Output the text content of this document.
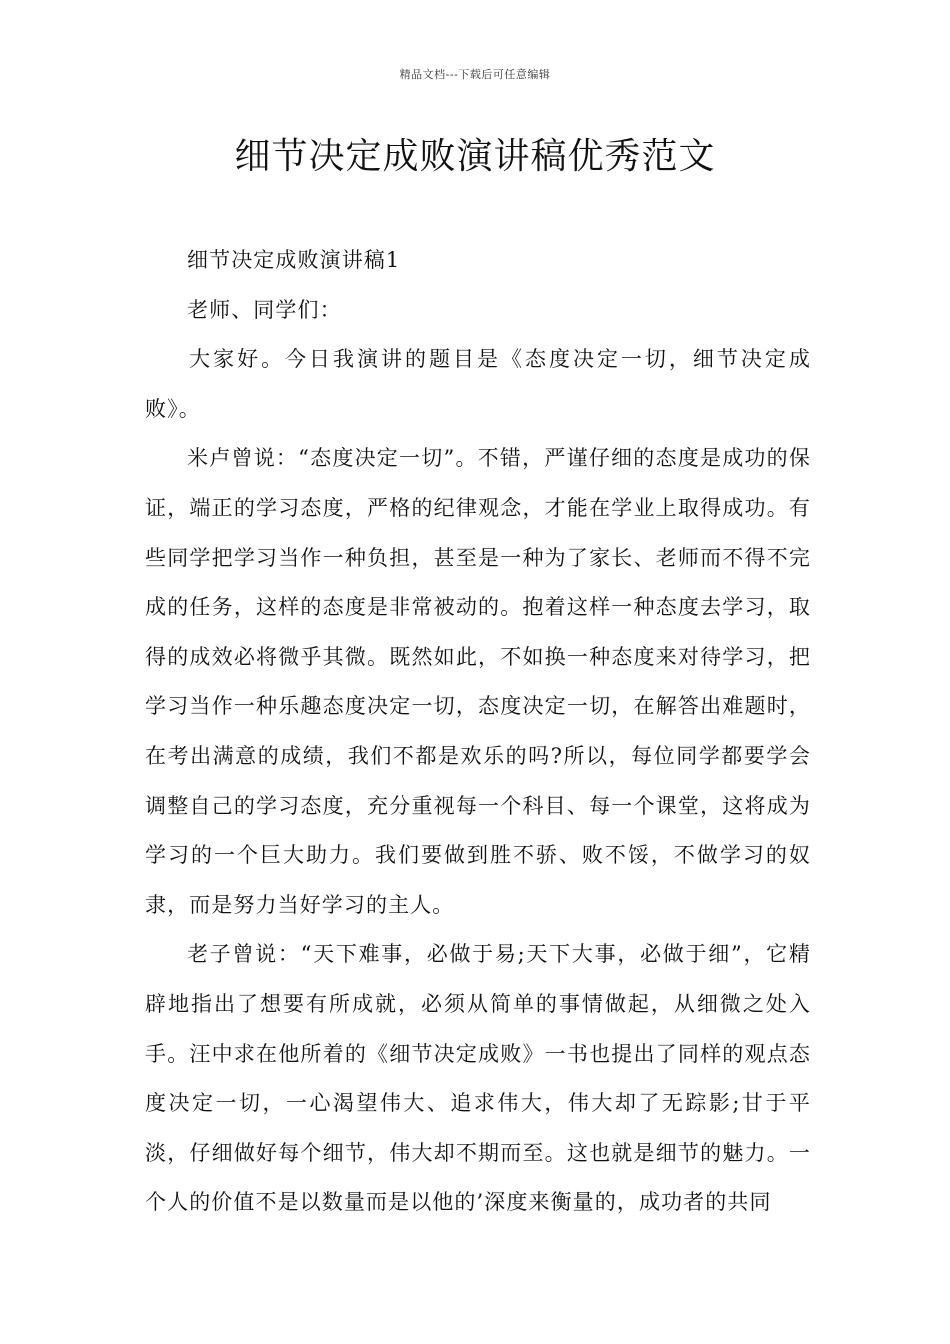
精品文档---下载后可任意编辑
细节决定成败演讲稿优秀范文

细节决定成败演讲稿1

老师、同学们：

大家好。今日我演讲的题目是《态度决定一切，细节决定成败》。

米卢曾说：“态度决定一切”。不错，严谨仔细的态度是成功的保证，端正的学习态度，严格的纪律观念，才能在学业上取得成功。有些同学把学习当作一种负担，甚至是一种为了家长、老师而不得不完成的任务，这样的态度是非常被动的。抱着这样一种态度去学习，取得的成效必将微乎其微。既然如此，不如换一种态度来对待学习，把学习当作一种乐趣态度决定一切，态度决定一切，在解答出难题时，在考出满意的成绩，我们不都是欢乐的吗?所以，每位同学都要学会调整自己的学习态度，充分重视每一个科目、每一个课堂，这将成为学习的一个巨大助力。我们要做到胜不骄、败不馁，不做学习的奴隶，而是努力当好学习的主人。

老子曾说：“天下难事，必做于易;天下大事，必做于细”，它精辟地指出了想要有所成就，必须从简单的事情做起，从细微之处入手。汪中求在他所着的《细节决定成败》一书也提出了同样的观点态度决定一切，一心渴望伟大、追求伟大，伟大却了无踪影;甘于平淡，仔细做好每个细节，伟大却不期而至。这也就是细节的魅力。一个人的价值不是以数量而是以他的’深度来衡量的，成功者的共同
